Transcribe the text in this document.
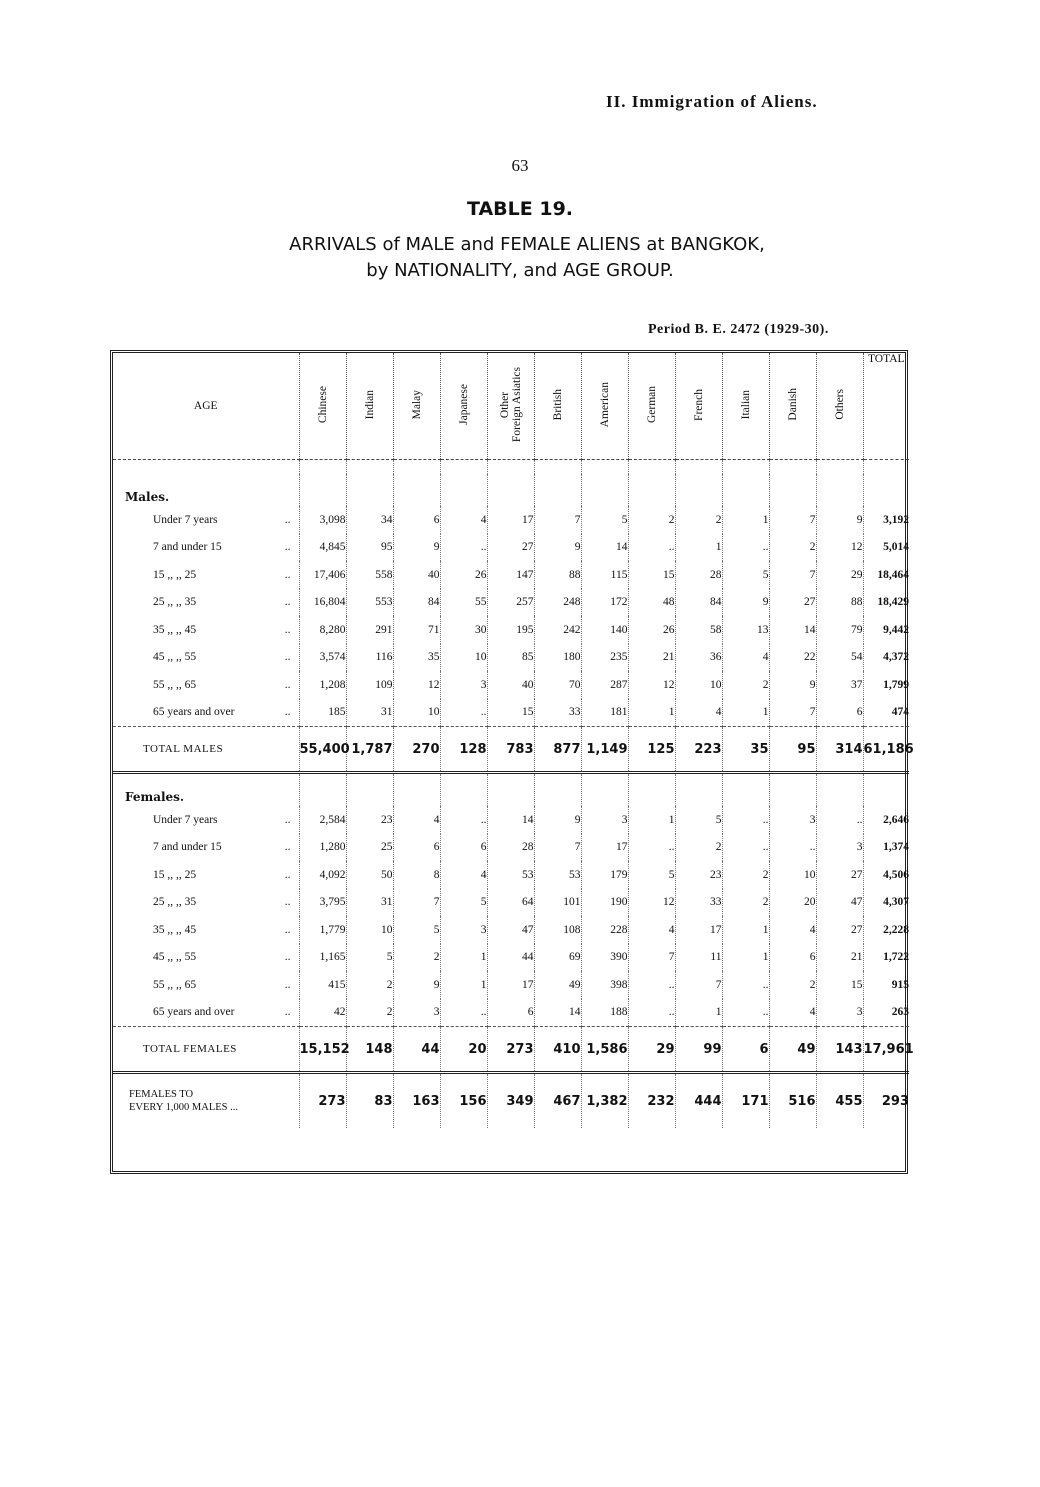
II. Immigration of Aliens.
63
TABLE 19.
ARRIVALS of MALE and FEMALE ALIENS at BANGKOK,
by NATIONALITY, and AGE GROUP.
Period B. E. 2472 (1929-30).
AGE	Chinese	Indian	Malay	Japanese	Other
Foreign Asiatics	British	American	German	French	Italian	Danish	Others	TOTAL

Males.													
Under 7 years ..	3,098	34	6	4	17	7	5	2	2	1	7	9	3,192
7 and under 15 ..	4,845	95	9	..	27	9	14	..	1	..	2	12	5,014
15 ,, ,, 25 ..	17,406	558	40	26	147	88	115	15	28	5	7	29	18,464
25 ,, ,, 35 ..	16,804	553	84	55	257	248	172	48	84	9	27	88	18,429
35 ,, ,, 45 ..	8,280	291	71	30	195	242	140	26	58	13	14	79	9,442
45 ,, ,, 55 ..	3,574	116	35	10	85	180	235	21	36	4	22	54	4,372
55 ,, ,, 65 ..	1,208	109	12	3	40	70	287	12	10	2	9	37	1,799
65 years and over ..	185	31	10	..	15	33	181	1	4	1	7	6	474
TOTAL MALES	55,400	1,787	270	128	783	877	1,149	125	223	35	95	314	61,186
Females.													
Under 7 years ..	2,584	23	4	..	14	9	3	1	5	..	3	..	2,646
7 and under 15 ..	1,280	25	6	6	28	7	17	..	2	..	..	3	1,374
15 ,, ,, 25 ..	4,092	50	8	4	53	53	179	5	23	2	10	27	4,506
25 ,, ,, 35 ..	3,795	31	7	5	64	101	190	12	33	2	20	47	4,307
35 ,, ,, 45 ..	1,779	10	5	3	47	108	228	4	17	1	4	27	2,228
45 ,, ,, 55 ..	1,165	5	2	1	44	69	390	7	11	1	6	21	1,722
55 ,, ,, 65 ..	415	2	9	1	17	49	398	..	7	..	2	15	915
65 years and over ..	42	2	3	..	6	14	188	..	1	..	4	3	263
TOTAL FEMALES	15,152	148	44	20	273	410	1,586	29	99	6	49	143	17,961

FEMALES TO
EVERY 1,000 MALES ...	273	83	163	156	349	467	1,382	232	444	171	516	455	293
